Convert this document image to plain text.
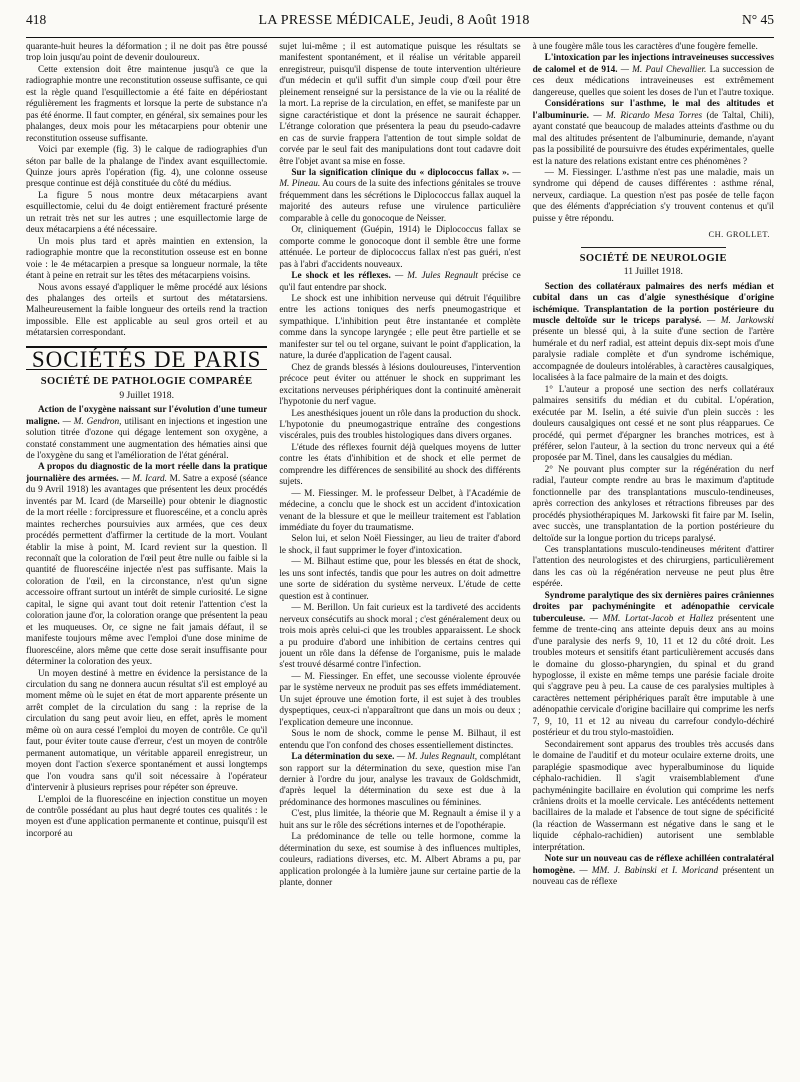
418	LA PRESSE MÉDICALE, Jeudi, 8 Août 1918	N° 45

quarante-huit heures la déformation ; il ne doit pas être poussé trop loin jusqu'au point de devenir douloureux.

Cette extension doit être maintenue jusqu'à ce que la radiographie montre une reconstitution osseuse suffisante, ce qui est la règle quand l'esquillectomie a été faite en dépériostant régulièrement les fragments et lorsque la perte de substance n'a pas été énorme. Il faut compter, en général, six semaines pour les phalanges, deux mois pour les métacarpiens pour obtenir une reconstitution osseuse suffisante.

Voici par exemple (fig. 3) le calque de radiographies d'un séton par balle de la phalange de l'index avant esquillectomie. Quinze jours après l'opération (fig. 4), une colonne osseuse presque continue est déjà constituée du côté du médius.

La figure 5 nous montre deux métacarpiens avant esquillectomie, celui du 4e doigt entièrement fracturé présente un retrait très net sur les autres ; une esquillectomie large de deux métacarpiens a été nécessaire.

Un mois plus tard et après maintien en extension, la radiographie montre que la reconstitution osseuse est en bonne voie : le 4e métacarpien a presque sa longueur normale, la tête étant à peine en retrait sur les têtes des métacarpiens voisins.

Nous avons essayé d'appliquer le même procédé aux lésions des phalanges des orteils et surtout des métatarsiens. Malheureusement la faible longueur des orteils rend la traction impossible. Elle est applicable au seul gros orteil et au métatarsien correspondant.

SOCIÉTÉS DE PARIS
SOCIÉTÉ DE PATHOLOGIE COMPARÉE
9 Juillet 1918.

Action de l'oxygène naissant sur l'évolution d'une tumeur maligne. — M. Gendron, utilisant en injections et ingestion une solution titrée d'ozone qui dégage lentement son oxygène, a constaté constamment une augmentation des hématies ainsi que de l'oxygène du sang et l'amélioration de l'état général.

A propos du diagnostic de la mort réelle dans la pratique journalière des armées. — M. Icard. M. Satre a exposé (séance du 9 Avril 1918) les avantages que présentent les deux procédés inventés par M. Icard (de Marseille) pour obtenir le diagnostic de la mort réelle : forcipressure et fluorescéine, et a conclu après maintes recherches poursuivies aux armées, que ces deux procédés permettent d'affirmer la certitude de la mort. Voulant établir la mise à point, M. Icard revient sur la question. Il reconnaît que la coloration de l'œil peut être nulle ou faible si la quantité de fluorescéine injectée n'est pas suffisante. Mais la coloration de l'œil, en la circonstance, n'est qu'un signe accessoire offrant surtout un intérêt de simple curiosité. Le signe capital, le signe qui avant tout doit retenir l'attention c'est la coloration jaune d'or, la coloration orange que présentent la peau et les muqueuses. Or, ce signe ne fait jamais défaut, il se manifeste toujours même avec l'emploi d'une dose minime de fluorescéine, alors même que cette dose serait insuffisante pour déterminer la coloration des yeux.

Un moyen destiné à mettre en évidence la persistance de la circulation du sang ne donnera aucun résultat s'il est employé au moment même où le sujet en état de mort apparente présente un arrêt complet de la circulation du sang : la reprise de la circulation du sang peut avoir lieu, en effet, après le moment même où on aura cessé l'emploi du moyen de contrôle. Ce qu'il faut, pour éviter toute cause d'erreur, c'est un moyen de contrôle permanent automatique, un véritable appareil enregistreur, un moyen dont l'action s'exerce spontanément et aussi longtemps que l'on voudra sans qu'il soit nécessaire à l'opérateur d'intervenir à plusieurs reprises pour répéter son épreuve.

L'emploi de la fluorescéine en injection constitue un moyen de contrôle possédant au plus haut degré toutes ces qualités : le moyen est d'une application permanente et continue, puisqu'il est incorporé au

sujet lui-même ; il est automatique puisque les résultats se manifestent spontanément, et il réalise un véritable appareil enregistreur, puisqu'il dispense de toute intervention ultérieure d'un médecin et qu'il suffit d'un simple coup d'œil pour être pleinement renseigné sur la persistance de la vie ou la réalité de la mort. La reprise de la circulation, en effet, se manifeste par un signe caractéristique et dont la présence ne saurait échapper. L'étrange coloration que présentera la peau du pseudo-cadavre en cas de survie frappera l'attention de tout simple soldat de corvée par le seul fait des manipulations dont tout cadavre doit être l'objet avant sa mise en fosse.

Sur la signification clinique du « diplococcus fallax ». — M. Pineau. Au cours de la suite des infections génitales se trouve fréquemment dans les sécrétions le Diplococcus fallax auquel la majorité des auteurs refuse une virulence particulière comparable à celle du gonocoque de Neisser.

Or, cliniquement (Guépin, 1914) le Diplococcus fallax se comporte comme le gonocoque dont il semble être une forme atténuée. Le porteur de diplococcus fallax n'est pas guéri, n'est pas à l'abri d'accidents nouveaux.

Le shock et les réflexes. — M. Jules Regnault précise ce qu'il faut entendre par shock.

Le shock est une inhibition nerveuse qui détruit l'équilibre entre les actions toniques des nerfs pneumogastrique et sympathique. L'inhibition peut être instantanée et complète comme dans la syncope laryngée ; elle peut être partielle et se manifester sur tel ou tel organe, suivant le point d'application, la nature, la durée d'application de l'agent causal.

Chez de grands blessés à lésions douloureuses, l'intervention précoce peut éviter ou atténuer le shock en supprimant les excitations nerveuses périphériques dont la continuité amènerait l'hypotonie du nerf vague.

Les anesthésiques jouent un rôle dans la production du shock. L'hypotonie du pneumogastrique entraîne des congestions viscérales, puis des troubles histologiques dans divers organes.

L'étude des réflexes fournit déjà quelques moyens de lutter contre les états d'inhibition et de shock et elle permet de comprendre les différences de sensibilité au shock des différents sujets.

— M. Fiessinger. M. le professeur Delbet, à l'Académie de médecine, a conclu que le shock est un accident d'intoxication venant de la blessure et que le meilleur traitement est l'ablation immédiate du foyer du traumatisme.

Selon lui, et selon Noël Fiessinger, au lieu de traiter d'abord le shock, il faut supprimer le foyer d'intoxication.

— M. Bilhaut estime que, pour les blessés en état de shock, les uns sont infectés, tandis que pour les autres on doit admettre une sorte de sidération du système nerveux. L'étude de cette question est à continuer.

— M. Berillon. Un fait curieux est la tardiveté des accidents nerveux consécutifs au shock moral ; c'est généralement deux ou trois mois après celui-ci que les troubles apparaissent. Le shock a pu produire d'abord une inhibition de certains centres qui jouent un rôle dans la défense de l'organisme, puis le malade s'est trouvé désarmé contre l'infection.

— M. Fiessinger. En effet, une secousse violente éprouvée par le système nerveux ne produit pas ses effets immédiatement. Un sujet éprouve une émotion forte, il est sujet à des troubles dyspeptiques, ceux-ci n'apparaîtront que dans un mois ou deux ; l'explication demeure une inconnue.

Sous le nom de shock, comme le pense M. Bilhaut, il est entendu que l'on confond des choses essentiellement distinctes.

La détermination du sexe. — M. Jules Regnault, complétant son rapport sur la détermination du sexe, question mise l'an dernier à l'ordre du jour, analyse les travaux de Goldschmidt, d'après lequel la détermination du sexe est due à la prédominance des hormones masculines ou féminines.

C'est, plus limitée, la théorie que M. Regnault a émise il y a huit ans sur le rôle des sécrétions internes et de l'opothérapie.

La prédominance de telle ou telle hormone, comme la détermination du sexe, est soumise à des influences multiples, couleurs, radiations diverses, etc. M. Albert Abrams a pu, par application prolongée à la lumière jaune sur certaine partie de la plante, donner

à une fougère mâle tous les caractères d'une fougère femelle.

L'intoxication par les injections intraveineuses successives de calomel et de 914. — M. Paul Chevallier. La succession de ces deux médications intraveineuses est extrêmement dangereuse, quelles que soient les doses de l'un et l'autre toxique.

Considérations sur l'asthme, le mal des altitudes et l'albuminurie. — M. Ricardo Mesa Torres (de Taltal, Chili), ayant constaté que beaucoup de malades atteints d'asthme ou du mal des altitudes présentent de l'albuminurie, demande, n'ayant pas la possibilité de poursuivre des études expérimentales, quelle est la nature des relations existant entre ces phénomènes ?

— M. Fiessinger. L'asthme n'est pas une maladie, mais un syndrome qui dépend de causes différentes : asthme rénal, nerveux, cardiaque. La question n'est pas posée de telle façon que des éléments d'appréciation s'y trouvent contenus et qu'il puisse y être répondu.

CH. GROLLET.
SOCIÉTÉ DE NEUROLOGIE
11 Juillet 1918.

Section des collatéraux palmaires des nerfs médian et cubital dans un cas d'algie synesthésique d'origine ischémique. Transplantation de la portion postérieure du muscle deltoïde sur le triceps paralysé. — M. Jarkowski présente un blessé qui, à la suite d'une section de l'artère humérale et du nerf radial, est atteint depuis dix-sept mois d'une paralysie radiale complète et d'un syndrome ischémique, accompagnée de douleurs intolérables, à caractères causalgiques, localisées à la face palmaire de la main et des doigts.

1° L'auteur a proposé une section des nerfs collatéraux palmaires sensitifs du médian et du cubital. L'opération, exécutée par M. Iselin, a été suivie d'un plein succès : les douleurs causalgiques ont cessé et ne sont plus réapparues. Ce procédé, qui permet d'épargner les branches motrices, est à préférer, selon l'auteur, à la section du tronc nerveux qui a été proposée par M. Tinel, dans les causalgies du médian.

2° Ne pouvant plus compter sur la régénération du nerf radial, l'auteur compte rendre au bras le maximum d'aptitude fonctionnelle par des transplantations musculo-tendineuses, après correction des ankyloses et rétractions fibreuses par des procédés physiothérapiques M. Jarkowski fit faire par M. Iselin, avec succès, une transplantation de la portion postérieure du deltoïde sur la longue portion du triceps paralysé.

Ces transplantations musculo-tendineuses méritent d'attirer l'attention des neurologistes et des chirurgiens, particulièrement dans les cas où la régénération nerveuse ne peut plus être espérée.

Syndrome paralytique des six dernières paires crâniennes droites par pachyméningite et adénopathie cervicale tuberculeuse. — MM. Lortat-Jacob et Hallez présentent une femme de trente-cinq ans atteinte depuis deux ans au moins d'une paralysie des nerfs 9, 10, 11 et 12 du côté droit. Les troubles moteurs et sensitifs étant particulièrement accusés dans le domaine du glosso-pharyngien, du spinal et du grand hypoglosse, il existe en même temps une parésie faciale droite qui s'aggrave peu à peu. La cause de ces paralysies multiples à caractères nettement périphériques paraît être imputable à une adénopathie cervicale d'origine bacillaire qui comprime les nerfs 7, 9, 10, 11 et 12 au niveau du carrefour condylo-déchiré postérieur et du trou stylo-mastoïdien.

Secondairement sont apparus des troubles très accusés dans le domaine de l'auditif et du moteur oculaire externe droits, une paraplégie spasmodique avec hyperalbuminose du liquide céphalo-rachidien. Il s'agit vraisemblablement d'une pachyméningite bacillaire en évolution qui comprime les nerfs crâniens droits et la moelle cervicale. Les antécédents nettement bacillaires de la malade et l'absence de tout signe de spécificité (la réaction de Wassermann est négative dans le sang et le liquide céphalo-rachidien) autorisent une semblable interprétation.

Note sur un nouveau cas de réflexe achilléen contralatéral homogène. — MM. J. Babinski et I. Moricand présentent un nouveau cas de réflexe
